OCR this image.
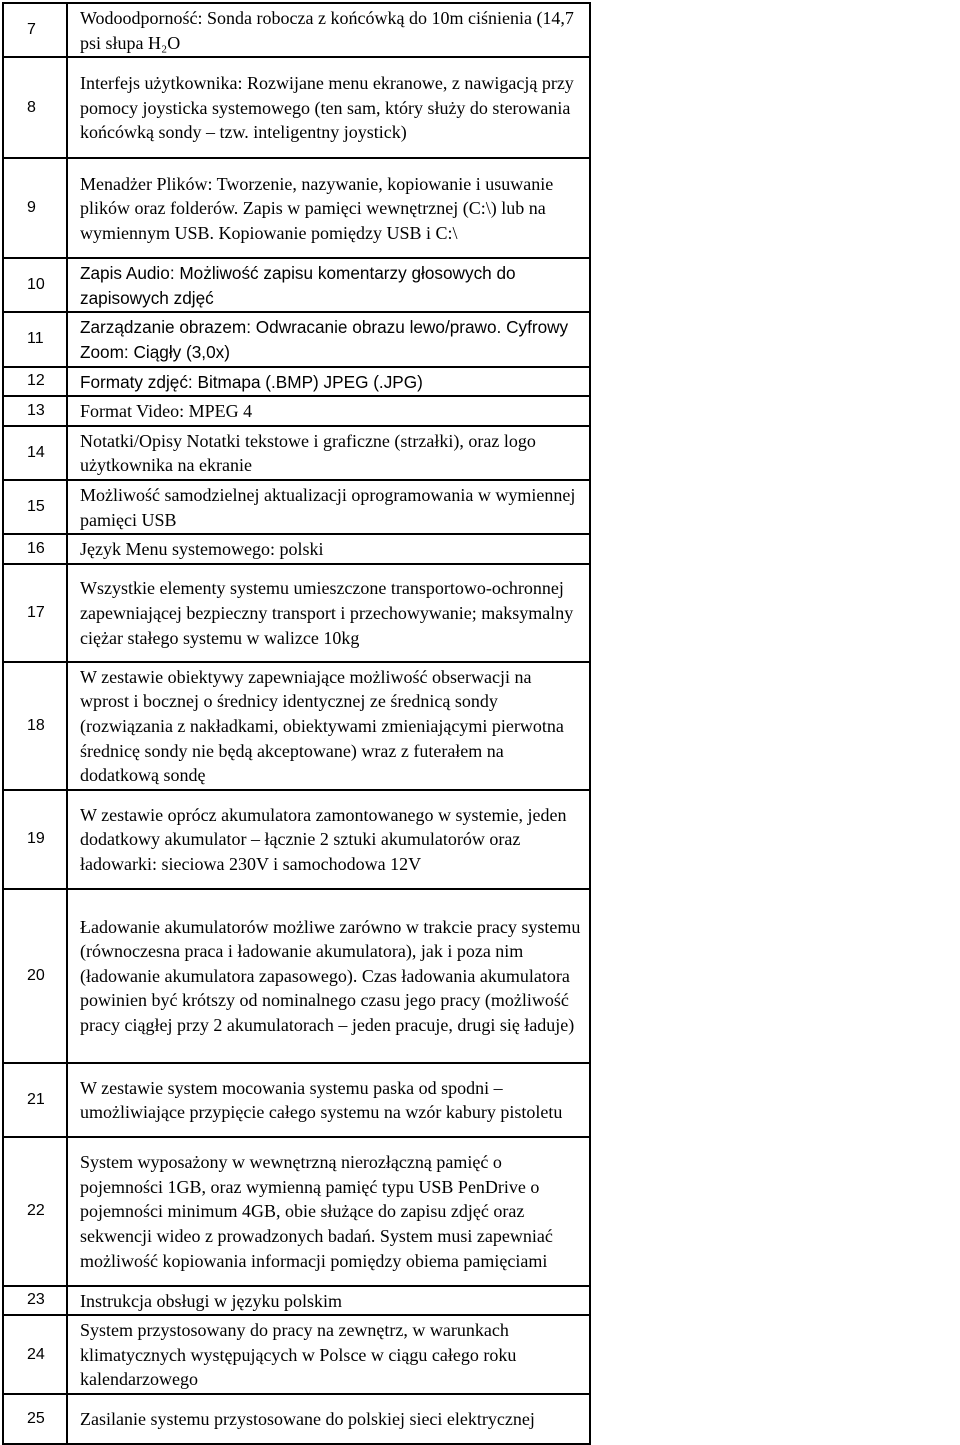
7	Wodoodporność: Sonda robocza z końcówką do 10m ciśnienia (14,7 psi słupa H₂O
8	Interfejs użytkownika: Rozwijane menu ekranowe, z nawigacją przy pomocy joysticka systemowego (ten sam, który służy do sterowania końcówką sondy – tzw. inteligentny joystick)
9	Menadżer Plików: Tworzenie, nazywanie, kopiowanie i usuwanie plików oraz folderów. Zapis w pamięci wewnętrznej (C:\) lub na wymiennym USB. Kopiowanie pomiędzy USB i C:\
10	Zapis Audio: Możliwość zapisu komentarzy głosowych do zapisowych zdjęć
11	Zarządzanie obrazem: Odwracanie obrazu lewo/prawo. Cyfrowy Zoom: Ciągły (3,0x)
12	Formaty zdjęć: Bitmapa (.BMP) JPEG (.JPG)
13	Format Video: MPEG 4
14	Notatki/Opisy Notatki tekstowe i graficzne (strzałki), oraz logo użytkownika na ekranie
15	Możliwość samodzielnej aktualizacji oprogramowania w wymiennej pamięci USB
16	Język Menu systemowego: polski
17	Wszystkie elementy systemu umieszczone transportowo-ochronnej zapewniającej bezpieczny transport i przechowywanie; maksymalny ciężar stałego systemu w walizce 10kg
18	W zestawie obiektywy zapewniające możliwość obserwacji na wprost i bocznej o średnicy identycznej ze średnicą sondy (rozwiązania z nakładkami, obiektywami zmieniającymi pierwotna średnicę sondy nie będą akceptowane) wraz z futerałem na dodatkową sondę
19	W zestawie oprócz akumulatora zamontowanego w systemie, jeden dodatkowy akumulator – łącznie 2 sztuki akumulatorów oraz ładowarki: sieciowa 230V i samochodowa 12V
20	Ładowanie akumulatorów możliwe zarówno w trakcie pracy systemu (równoczesna praca i ładowanie akumulatora), jak i poza nim (ładowanie akumulatora zapasowego). Czas ładowania akumulatora powinien być krótszy od nominalnego czasu jego pracy (możliwość pracy ciągłej przy 2 akumulatorach – jeden pracuje, drugi się ładuje)
21	W zestawie system mocowania systemu paska od spodni – umożliwiające przypięcie całego systemu na wzór kabury pistoletu
22	System wyposażony w wewnętrzną nierozłączną pamięć o pojemności 1GB, oraz wymienną pamięć typu USB PenDrive o pojemności minimum 4GB, obie służące do zapisu zdjęć oraz sekwencji wideo z prowadzonych badań. System musi zapewniać możliwość kopiowania informacji pomiędzy obiema pamięciami
23	Instrukcja obsługi w języku polskim
24	System przystosowany do pracy na zewnętrz, w warunkach klimatycznych występujących w Polsce w ciągu całego roku kalendarzowego
25	Zasilanie systemu przystosowane do polskiej sieci elektrycznej
